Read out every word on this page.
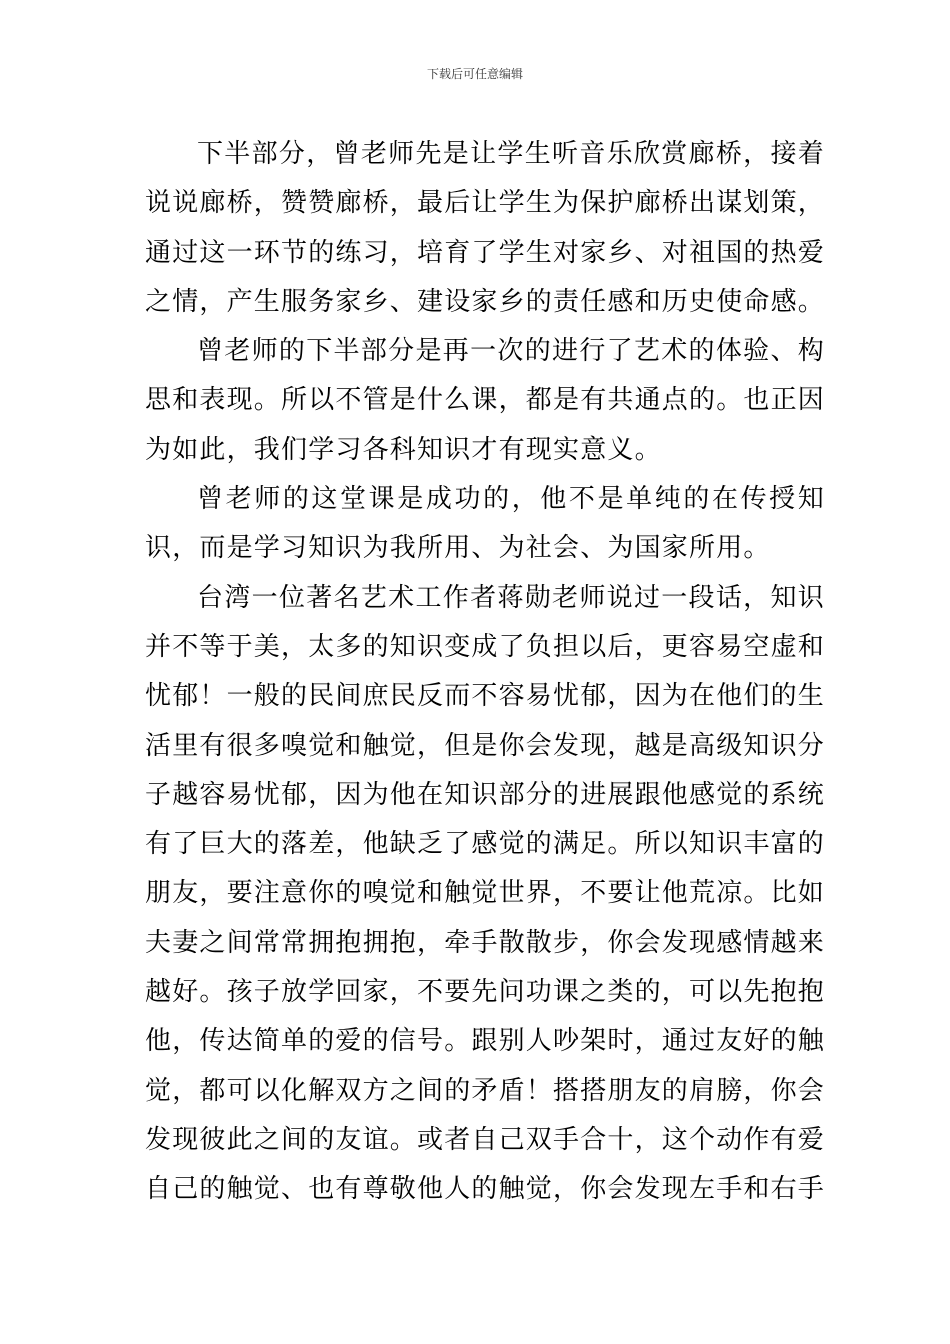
下载后可任意编辑

下半部分，曾老师先是让学生听音乐欣赏廊桥，接着说说廊桥，赞赞廊桥，最后让学生为保护廊桥出谋划策，通过这一环节的练习，培育了学生对家乡、对祖国的热爱之情，产生服务家乡、建设家乡的责任感和历史使命感。

曾老师的下半部分是再一次的进行了艺术的体验、构思和表现。所以不管是什么课，都是有共通点的。也正因为如此，我们学习各科知识才有现实意义。

曾老师的这堂课是成功的，他不是单纯的在传授知识，而是学习知识为我所用、为社会、为国家所用。

台湾一位著名艺术工作者蒋勋老师说过一段话，知识并不等于美，太多的知识变成了负担以后，更容易空虚和忧郁！一般的民间庶民反而不容易忧郁，因为在他们的生活里有很多嗅觉和触觉，但是你会发现，越是高级知识分子越容易忧郁，因为他在知识部分的进展跟他感觉的系统有了巨大的落差，他缺乏了感觉的满足。所以知识丰富的朋友，要注意你的嗅觉和触觉世界，不要让他荒凉。比如夫妻之间常常拥抱拥抱，牵手散散步，你会发现感情越来越好。孩子放学回家，不要先问功课之类的，可以先抱抱他，传达简单的爱的信号。跟别人吵架时，通过友好的触觉，都可以化解双方之间的矛盾！搭搭朋友的肩膀，你会发现彼此之间的友谊。或者自己双手合十，这个动作有爱自己的触觉、也有尊敬他人的触觉，你会发现左手和右手
